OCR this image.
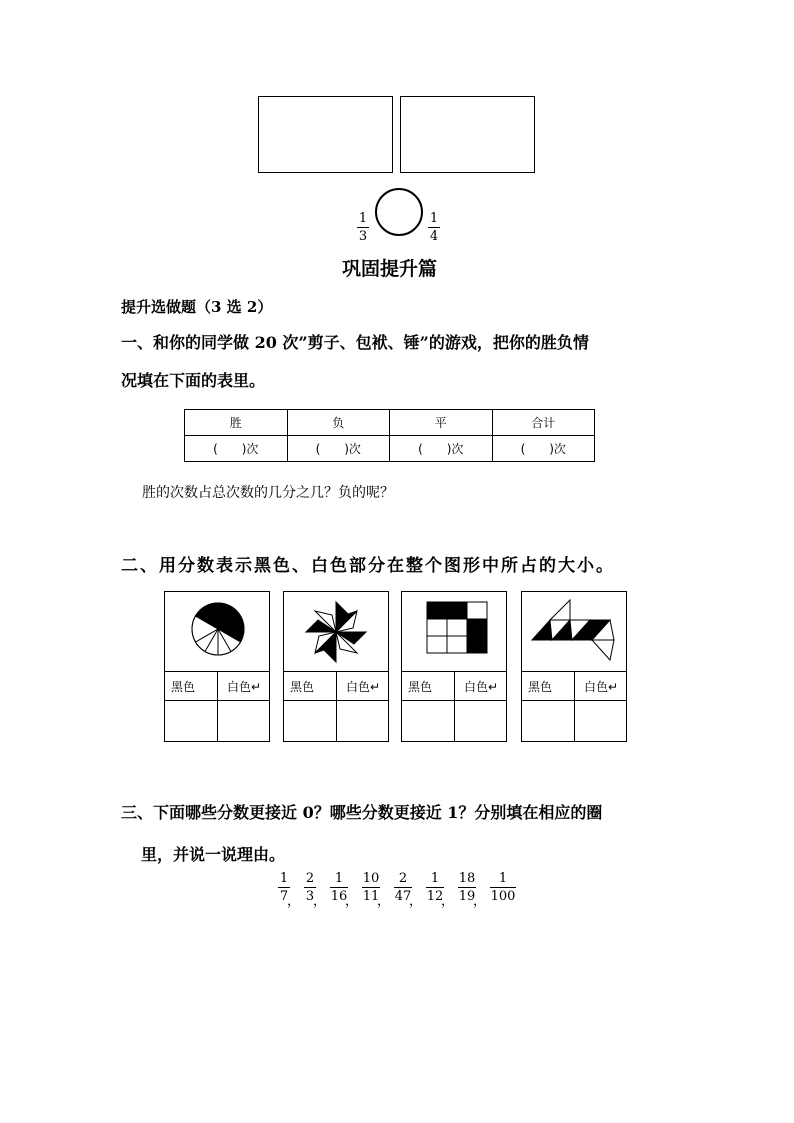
1
3
1
4
巩固提升篇
提升选做题（3 选 2）
一、和你的同学做 20 次”剪子、包袱、锤”的游戏，把你的胜负情
况填在下面的表里。
胜	负	平	合计
(　　)次	(　　)次	(　　)次	(　　)次
胜的次数占总次数的几分之几？负的呢？
二、用分数表示黑色、白色部分在整个图形中所占的大小。
黑色	白色↵ 黑色	白色↵ 黑色	白色↵ 黑色	白色↵
三、下面哪些分数更接近 0？哪些分数更接近 1？分别填在相应的圈
里，并说一说理由。
1
7
，
2
3
，
1
16
，
10
11
，
2
47
，
1
12
，
18
19
，
1
100
